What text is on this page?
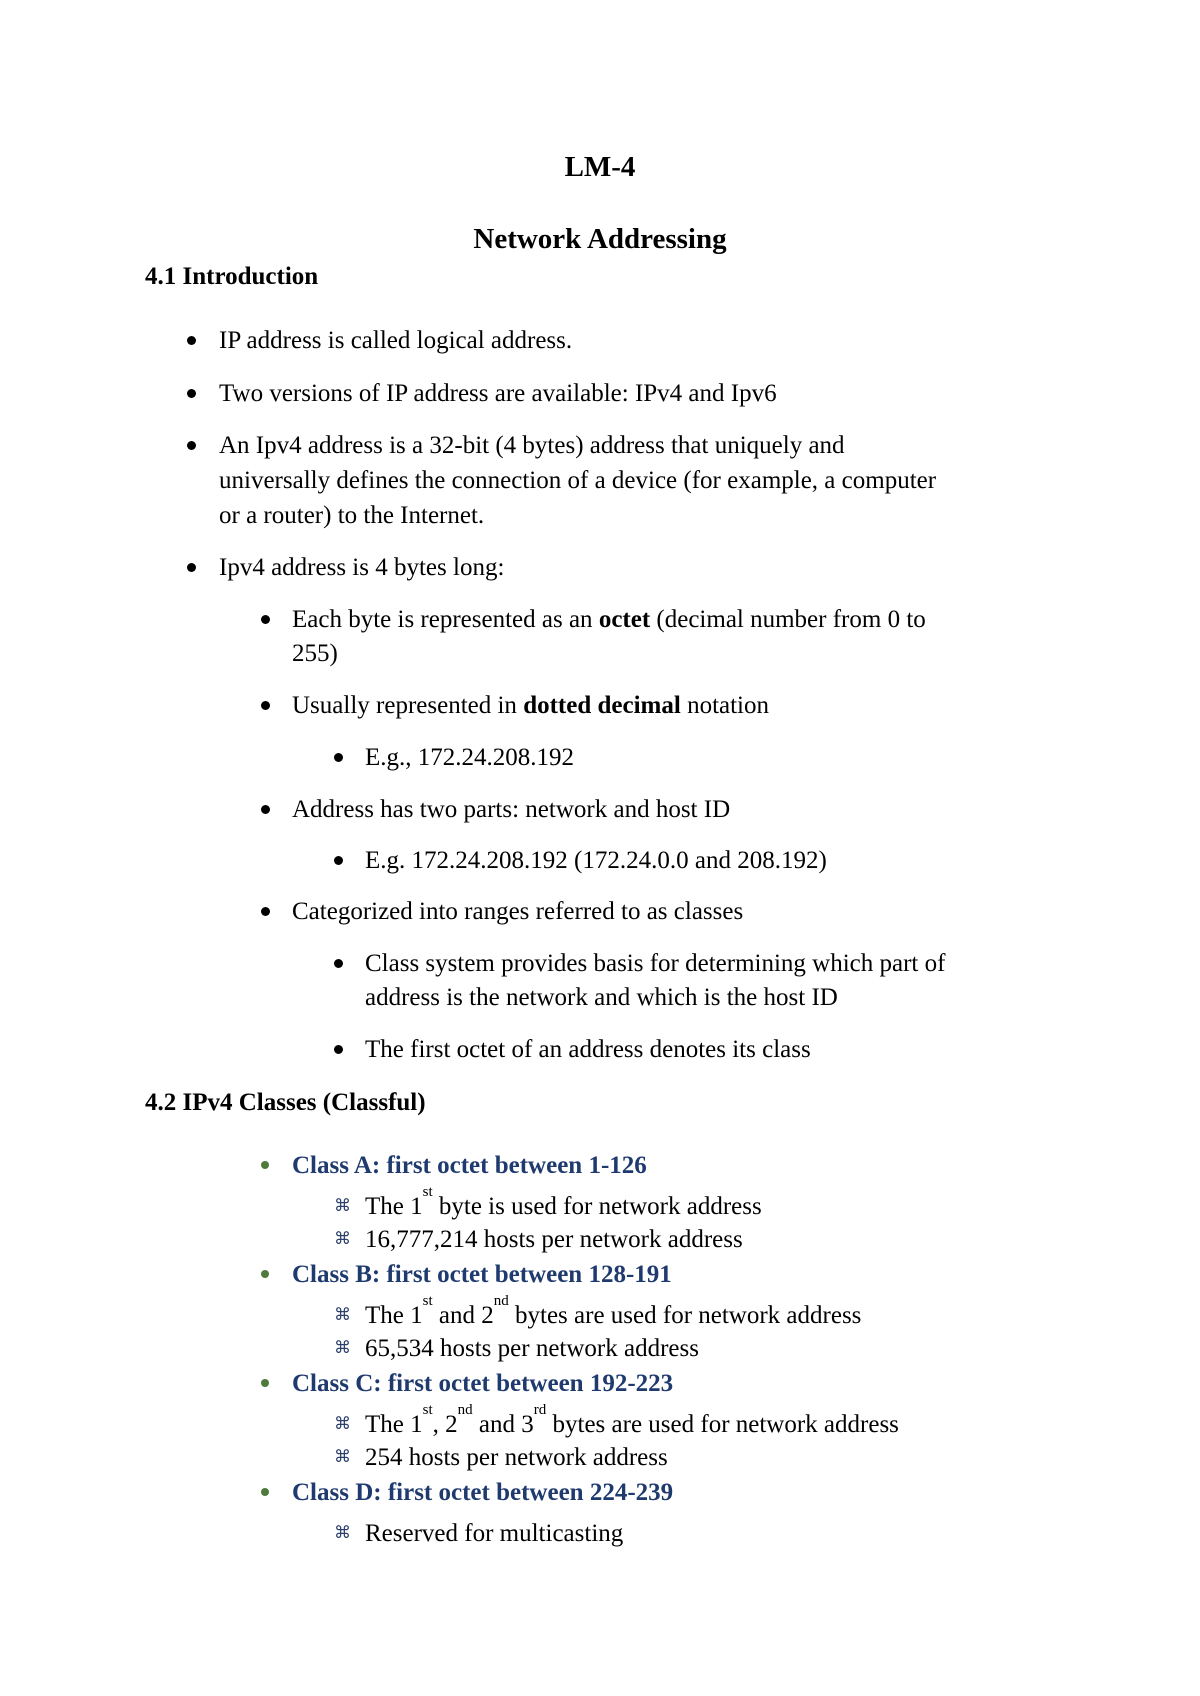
LM-4
Network Addressing
4.1 Introduction
IP address is called logical address.
Two versions of IP address are available: IPv4 and Ipv6
An Ipv4 address is a 32-bit (4 bytes) address that uniquely and
universally defines the connection of a device (for example, a computer
or a router) to the Internet.
Ipv4 address is 4 bytes long:
Each byte is represented as an octet (decimal number from 0 to
255)
Usually represented in dotted decimal notation
E.g., 172.24.208.192
Address has two parts: network and host ID
E.g. 172.24.208.192 (172.24.0.0 and 208.192)
Categorized into ranges referred to as classes
Class system provides basis for determining which part of
address is the network and which is the host ID
The first octet of an address denotes its class
4.2 IPv4 Classes (Classful)
Class A: first octet between 1-126
⌘ The 1st byte is used for network address
⌘ 16,777,214 hosts per network address
Class B: first octet between 128-191
⌘ The 1st and 2nd bytes are used for network address
⌘ 65,534 hosts per network address
Class C: first octet between 192-223
⌘ The 1st, 2nd and 3rd bytes are used for network address
⌘ 254 hosts per network address
Class D: first octet between 224-239
⌘ Reserved for multicasting
